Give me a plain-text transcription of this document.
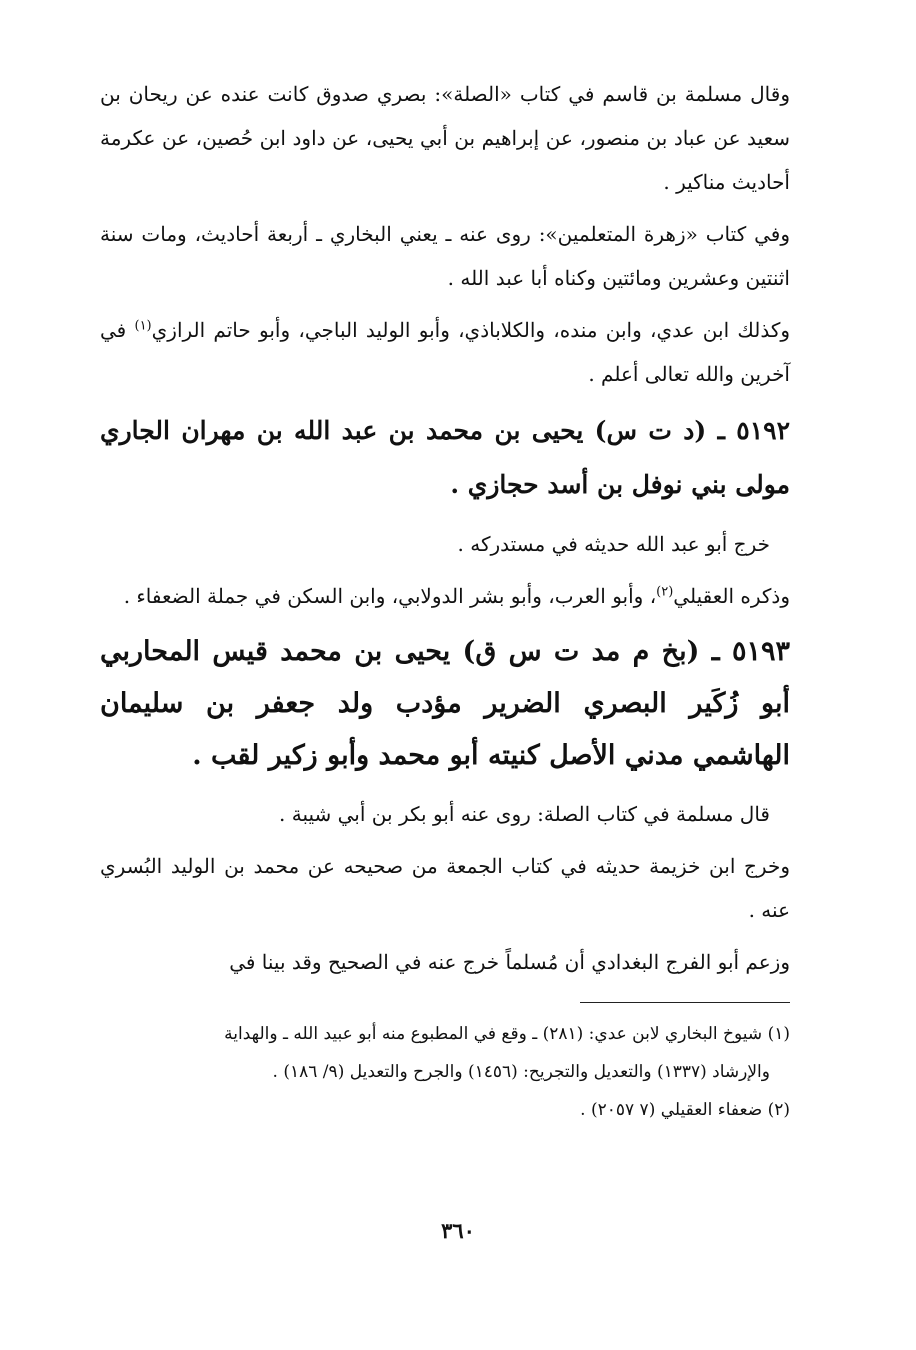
وقال مسلمة بن قاسم في كتاب «الصلة»: بصري صدوق كانت عنده عن ريحان بن سعيد عن عباد بن منصور، عن إبراهيم بن أبي يحيى، عن داود ابن حُصين، عن عكرمة أحاديث مناكير .

وفي كتاب «زهرة المتعلمين»: روى عنه ـ يعني البخاري ـ أربعة أحاديث، ومات سنة اثنتين وعشرين ومائتين وكناه أبا عبد الله .

وكذلك ابن عدي، وابن منده، والكلاباذي، وأبو الوليد الباجي، وأبو حاتم الرازي$^{(١)}$ في آخرين والله تعالى أعلم .

٥١٩٢ ـ (د ت س) يحيى بن محمد بن عبد الله بن مهران الجاري مولى بني نوفل بن أسد حجازي .

خرج أبو عبد الله حديثه في مستدركه .

وذكره العقيلي$^{(٢)}$، وأبو العرب، وأبو بشر الدولابي، وابن السكن في جملة الضعفاء .

٥١٩٣ ـ (بخ م مد ت س ق) يحيى بن محمد قيس المحاربي أبو زُكَير البصري الضرير مؤدب ولد جعفر بن سليمان الهاشمي مدني الأصل كنيته أبو محمد وأبو زكير لقب .

قال مسلمة في كتاب الصلة: روى عنه أبو بكر بن أبي شيبة .

وخرج ابن خزيمة حديثه في كتاب الجمعة من صحيحه عن محمد بن الوليد البُسري عنه .

وزعم أبو الفرج البغدادي أن مُسلماً خرج عنه في الصحيح وقد بينا في

(١) شيوخ البخاري لابن عدي: (٢٨١) ـ وقع في المطبوع منه أبو عبيد الله ـ والهداية

والإرشاد (١٣٣٧) والتعديل والتجريح: (١٤٥٦) والجرح والتعديل (٩/ ١٨٦) .

(٢) ضعفاء العقيلي (٧ ٢٠٥٧) .

٣٦٠
